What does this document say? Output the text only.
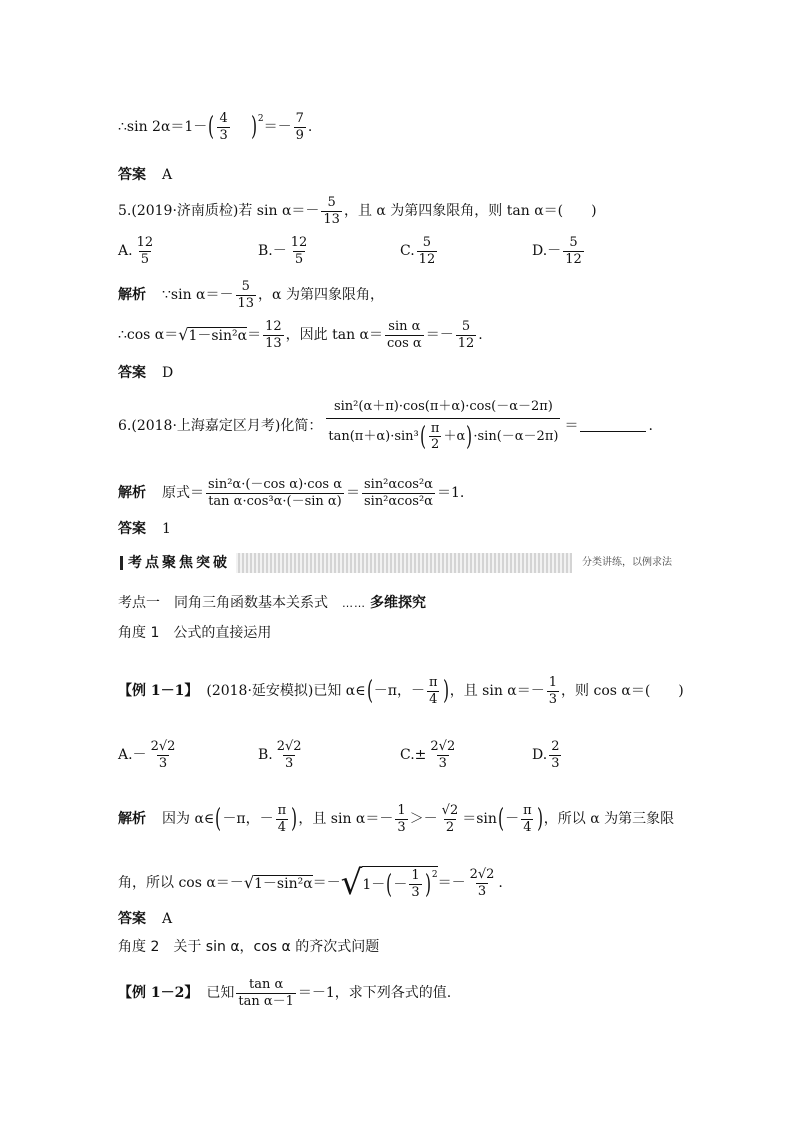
∴sin 2α＝1－ ( $\frac{4}{3}$ ) 2
＝－ $\frac{7}{9}$ .
答案 A
5.(2019·济南质检)若 $\sin \alpha=- \frac{5}{13}$ ，且 α 为第四象限角，则 tan α＝(　　)
A. $\frac{12}{5}$	$B.- \frac{12}{5}$	C. $\frac{5}{12}$	$D.- \frac{5}{12}$
解析 ∵sin $\alpha=- \frac{5}{13}$ ，α 为第四象限角，
∴cos α＝ √ $1-\sin^2\alpha = \frac{12}{13}$ ，因此 $\tan \alpha= \frac{\text{sin α}}{\text{cos α}} =- \frac{5}{12}$ .
答案 D
6.(2018·上海嘉定区月考)化简：
sin²(α＋π)·cos(π＋α)·cos(－α－2π)
tan(π＋α)·sin³ ( $\frac{\pi}{2} +\alpha$ ) ·sin(－α－2π)
＝	.
解析 原式＝ $\frac{\text{sin²α·(－cos α)·cos α}}{\text{tan α·cos³α·(－sin α)}} = \frac{\text{sin²αcos²α}}{\text{sin²αcos²α}} =1$.
答案 1
考点聚焦突破	分类讲练，以例求法
考点一　同角三角函数基本关系式 …… 多维探究
角度 1　公式的直接运用
【例 1－1】 (2018·延安模拟)已知 α∈ ( －π，－ $\frac{\pi}{4}$ ) ，且 $\sin \alpha=- \frac{1}{3}$ ，则 cos α＝(　　)
$A.- \frac{2√2}{3}$	B. $\frac{2√2}{3}$	$C.\pm \frac{2√2}{3}$	D. $\frac{2}{3}$
解析 因为 α∈ ( －π，－ $\frac{\pi}{4}$ ) ，且 $\sin \alpha=- \frac{1}{3} >- \frac{√2}{2} =\sin$ ( － $\frac{\pi}{4}$ ) ，所以 α 为第三象限
角，所以 cos α＝－ √ 1－sin²α ＝－ √ 1－ ( － $\frac{1}{3}$ ) $2 =- \frac{2√2}{3}$ .
答案 A
角度 2　关于 sin α，cos α 的齐次式问题
【例 1－2】 已知 $\frac{\text{tan α}}{\text{tan α－1}} =-1$，求下列各式的值.
